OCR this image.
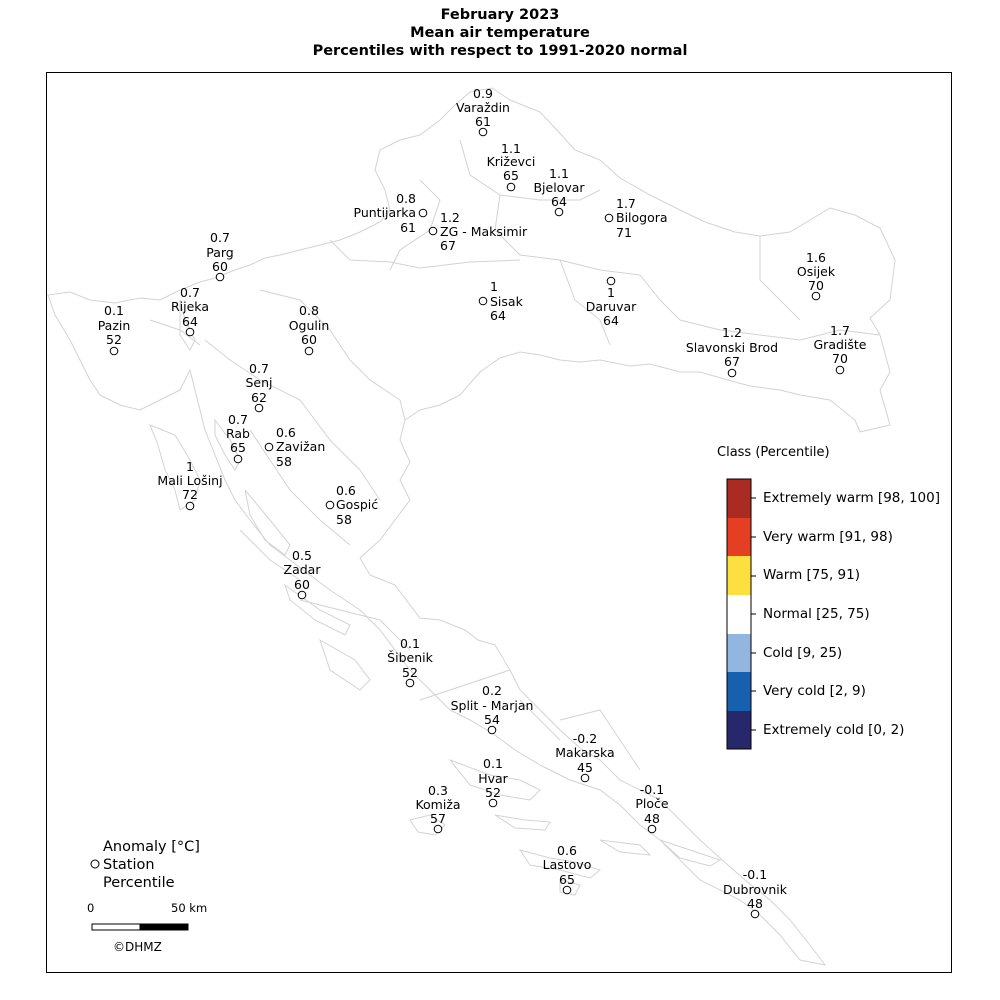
February 2023
Mean air temperature
Percentiles with respect to 1991-2020 normal
0.9
Varaždin
61
1.1
Križevci
65 1.1
Bjelovar
64	1.7
Bilogora
71
0.8
Puntijarka
61
1.2
ZG - Maksimir
67
0.7
Parg
60
1.6
Osijek
70
1
Sisak
64
1
Daruvar
64
0.1
Pazin
52
0.7
Rijeka
64
0.8
Ogulin
60	1.2
Slavonski Brod
67
1.7
Gradište
70
0.7
Senj
62
0.7
Rab
65
0.6
Zavižan
58
1
Mali Lošinj
72	0.6
Gospić
58
0.5
Zadar
60
0.1
Šibenik
52
0.2
Split - Marjan
54
-0.2
Makarska
45
0.1
Hvar
52
0.3
Komiža
57
-0.1
Ploče
48
0.6
Lastovo
65	-0.1
Dubrovnik
48
Class (Percentile)
Extremely warm [98, 100]
Very warm [91, 98)
Warm [75, 91)
Normal [25, 75)
Cold [9, 25)
Very cold [2, 9)
Extremely cold [0, 2)
Anomaly [°C]
Station
Percentile
0	50 km
©DHMZ
